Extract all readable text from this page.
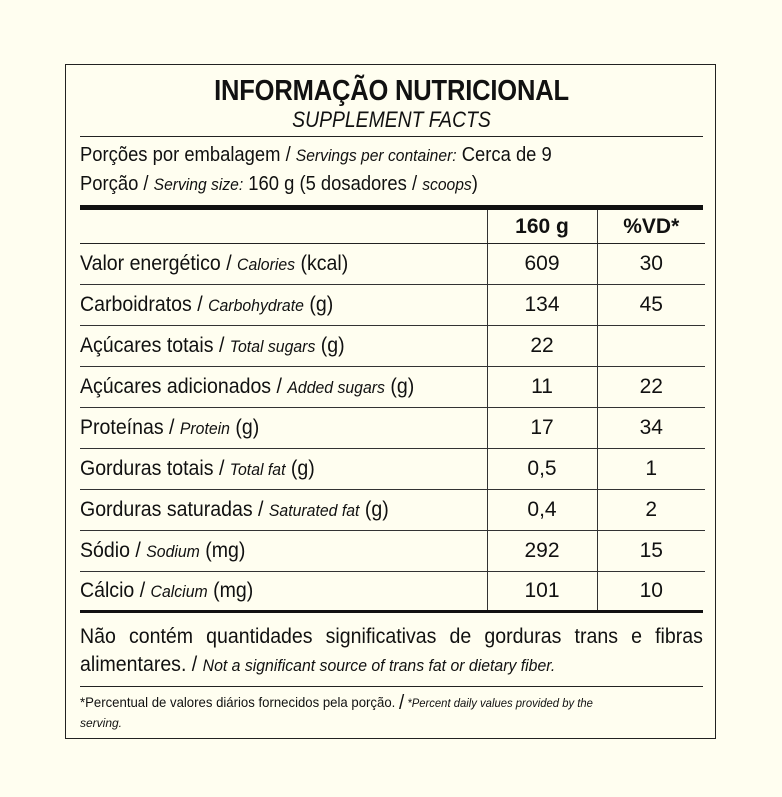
INFORMAÇÃO NUTRICIONAL
SUPPLEMENT FACTS
Porções por embalagem / Servings per container: Cerca de 9
Porção / Serving size: 160 g (5 dosadores / scoops)
	160 g	%VD*
Valor energético / Calories (kcal)	609	30
Carboidratos / Carbohydrate (g)	134	45
Açúcares totais / Total sugars (g)	22	
Açúcares adicionados / Added sugars (g)	11	22
Proteínas / Protein (g)	17	34
Gorduras totais / Total fat (g)	0,5	1
Gorduras saturadas / Saturated fat (g)	0,4	2
Sódio / Sodium (mg)	292	15
Cálcio / Calcium (mg)	101	10
Não contém quantidades significativas de gorduras trans e fibras
alimentares. / Not a significant source of trans fat or dietary fiber.
*Percentual de valores diários fornecidos pela porção. / *Percent daily values provided by the
serving.
